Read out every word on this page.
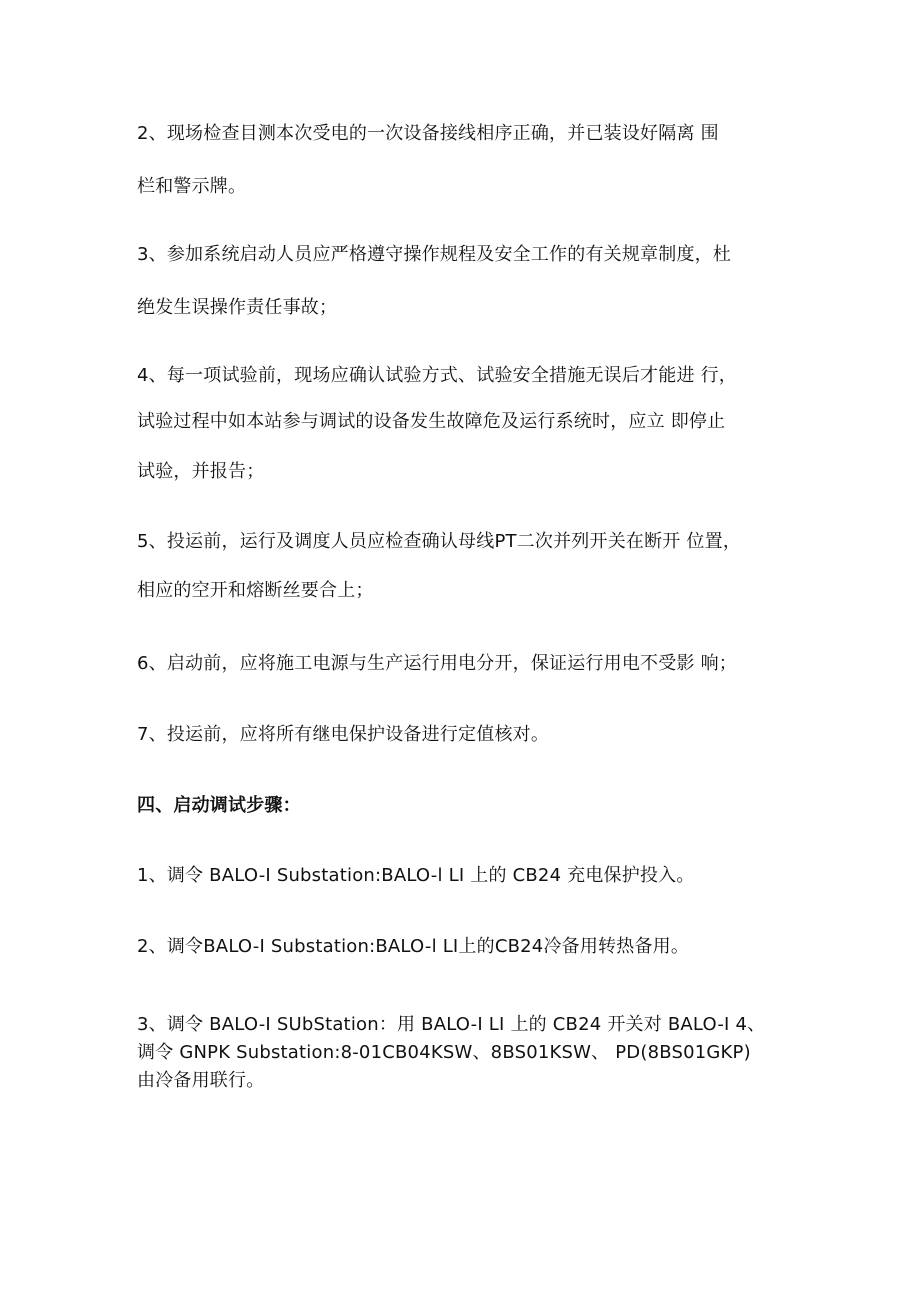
2、现场检查目测本次受电的一次设备接线相序正确，并已装设好隔离 围
栏和警示牌。
3、参加系统启动人员应严格遵守操作规程及安全工作的有关规章制度，杜
绝发生误操作责任事故；
4、每一项试验前，现场应确认试验方式、试验安全措施无误后才能进 行，
试验过程中如本站参与调试的设备发生故障危及运行系统时，应立 即停止
试验，并报告；
5、投运前，运行及调度人员应检查确认母线PT二次并列开关在断开 位置，
相应的空开和熔断丝要合上；
6、启动前，应将施工电源与生产运行用电分开，保证运行用电不受影 响；
7、投运前，应将所有继电保护设备进行定值核对。
四、启动调试步骤：
1、调令 BALO-I Substation:BALO-l LI 上的 CB24 充电保护投入。
2、调令BALO-I Substation:BALO-l LI上的CB24冷备用转热备用。
3、调令 BALO-I SUbStation：用 BALO-I LI 上的 CB24 开关对 BALO-I 4、
调令 GNPK Substation:8-01CB04KSW、8BS01KSW、 PD(8BS01GKP)
由冷备用联行。
